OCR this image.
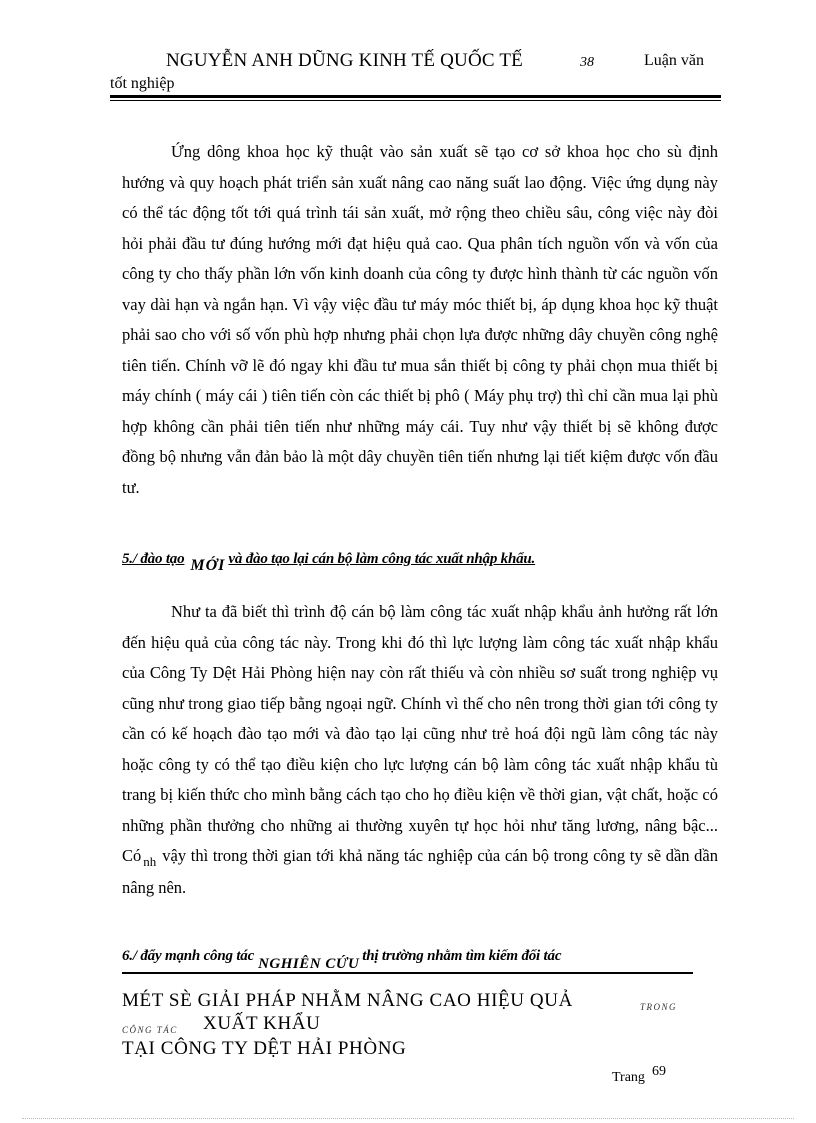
NGUYỄN ANH DŨNG KINH TẾ QUỐC TẾ	38	Luận văn
tốt nghiệp

Ứng dông khoa học kỹ thuật vào sản xuất sẽ tạo cơ sở khoa học cho sù định hướng và quy hoạch phát triển sản xuất nâng cao năng suất lao động. Việc ứng dụng này có thể tác động tốt tới quá trình tái sản xuất, mở rộng theo chiều sâu, công việc này đòi hỏi phải đầu tư đúng hướng mới đạt hiệu quả cao. Qua phân tích nguồn vốn và vốn của công ty cho thấy phần lớn vốn kinh doanh của công ty được hình thành từ các nguồn vốn vay dài hạn và ngắn hạn. Vì vậy việc đầu tư máy móc thiết bị, áp dụng khoa học kỹ thuật phải sao cho với số vốn phù hợp nhưng phải chọn lựa được những dây chuyền công nghệ tiên tiến. Chính vỡ lẽ đó ngay khi đầu tư mua sắn thiết bị công ty phải chọn mua thiết bị máy chính ( máy cái ) tiên tiến còn các thiết bị phô ( Máy phụ trợ) thì chỉ cần mua lại phù hợp không cần phải tiên tiến như những máy cái. Tuy như vậy thiết bị sẽ không được đồng bộ nhưng vẫn đản bảo là một dây chuyền tiên tiến nhưng lại tiết kiệm được vốn đầu tư.

5./ đào tạo MỚI và đào tạo lại cán bộ làm công tác xuất nhập khẩu.

Như ta đã biết thì trình độ cán bộ làm công tác xuất nhập khẩu ảnh hưởng rất lớn đến hiệu quả của công tác này. Trong khi đó thì lực lượng làm công tác xuất nhập khẩu của Công Ty Dệt Hải Phòng hiện nay còn rất thiếu và còn nhiều sơ suất trong nghiệp vụ cũng như trong giao tiếp bằng ngoại ngữ. Chính vì thế cho nên trong thời gian tới công ty cần có kế hoạch đào tạo mới và đào tạo lại cũng như trẻ hoá đội ngũ làm công tác này hoặc công ty có thể tạo điều kiện cho lực lượng cán bộ làm công tác xuất nhập khẩu tù trang bị kiến thức cho mình bằng cách tạo cho họ điều kiện về thời gian, vật chất, hoặc có những phần thưởng cho những ai thường xuyên tự học hỏi như tăng lương, nâng bậc... Có $_{nh}$ vậy thì trong thời gian tới khả năng tác nghiệp của cán bộ trong công ty sẽ dần dần nâng nên.

6./ đẩy mạnh công tác NGHIÊN CỨU thị trường nhằm tìm kiếm đối tác
MÉT SÈ GIẢI PHÁP NHẰM NÂNG CAO HIỆU QUẢ	TRONG
CÔNG TÁC XUẤT KHẨU
TẠI CÔNG TY DỆT HẢI PHÒNG
Trang 69
